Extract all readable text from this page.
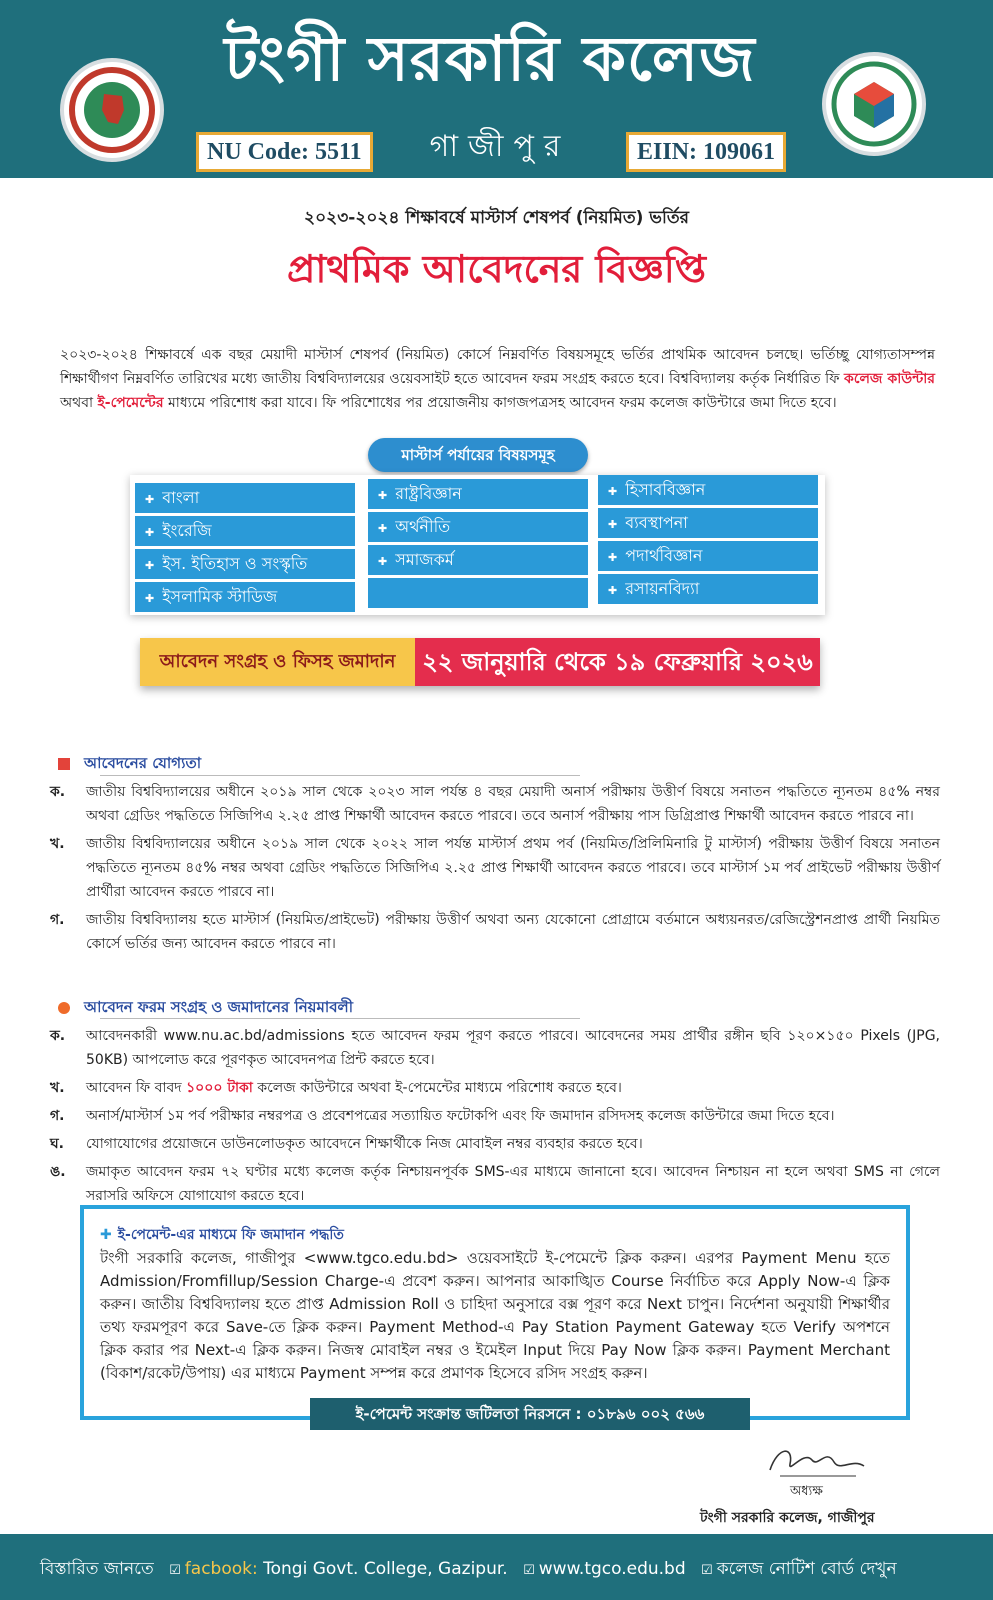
টংগী সরকারি কলেজ
NU Code: 5511	গাজীপুর	EIIN: 109061
২০২৩-২০২৪ শিক্ষাবর্ষে মাস্টার্স শেষপর্ব (নিয়মিত) ভর্তির
প্রাথমিক আবেদনের বিজ্ঞপ্তি
২০২৩-২০২৪ শিক্ষাবর্ষে এক বছর মেয়াদী মাস্টার্স শেষপর্ব (নিয়মিত) কোর্সে নিম্নবর্ণিত বিষয়সমূহে ভর্তির প্রাথমিক আবেদন চলছে। ভর্তিচ্ছু যোগ্যতাসম্পন্ন শিক্ষার্থীগণ নিম্নবর্ণিত তারিখের মধ্যে জাতীয় বিশ্ববিদ্যালয়ের ওয়েবসাইট হতে আবেদন ফরম সংগ্রহ করতে হবে। বিশ্ববিদ্যালয় কর্তৃক নির্ধারিত ফি কলেজ কাউন্টার অথবা ই-পেমেন্টের মাধ্যমে পরিশোধ করা যাবে। ফি পরিশোধের পর প্রয়োজনীয় কাগজপত্রসহ আবেদন ফরম কলেজ কাউন্টারে জমা দিতে হবে।
মাস্টার্স পর্যায়ের বিষয়সমূহ
✚ বাংলা
✚ ইংরেজি
✚ ইস. ইতিহাস ও সংস্কৃতি
✚ ইসলামিক স্টাডিজ
✚ রাষ্ট্রবিজ্ঞান
✚ অর্থনীতি
✚ সমাজকর্ম
✚ হিসাববিজ্ঞান
✚ ব্যবস্থাপনা
✚ পদার্থবিজ্ঞান
✚ রসায়নবিদ্যা
আবেদন সংগ্রহ ও ফিসহ জমাদান	২২ জানুয়ারি থেকে ১৯ ফেব্রুয়ারি ২০২৬
আবেদনের যোগ্যতা
ক. জাতীয় বিশ্ববিদ্যালয়ের অধীনে ২০১৯ সাল থেকে ২০২৩ সাল পর্যন্ত ৪ বছর মেয়াদী অনার্স পরীক্ষায় উত্তীর্ণ বিষয়ে সনাতন পদ্ধতিতে ন্যূনতম ৪৫% নম্বর অথবা গ্রেডিং পদ্ধতিতে সিজিপিএ ২.২৫ প্রাপ্ত শিক্ষার্থী আবেদন করতে পারবে। তবে অনার্স পরীক্ষায় পাস ডিগ্রিপ্রাপ্ত শিক্ষার্থী আবেদন করতে পারবে না।
খ. জাতীয় বিশ্ববিদ্যালয়ের অধীনে ২০১৯ সাল থেকে ২০২২ সাল পর্যন্ত মাস্টার্স প্রথম পর্ব (নিয়মিত/প্রিলিমিনারি টু মাস্টার্স) পরীক্ষায় উত্তীর্ণ বিষয়ে সনাতন পদ্ধতিতে ন্যূনতম ৪৫% নম্বর অথবা গ্রেডিং পদ্ধতিতে সিজিপিএ ২.২৫ প্রাপ্ত শিক্ষার্থী আবেদন করতে পারবে। তবে মাস্টার্স ১ম পর্ব প্রাইভেট পরীক্ষায় উত্তীর্ণ প্রার্থীরা আবেদন করতে পারবে না।
গ. জাতীয় বিশ্ববিদ্যালয় হতে মাস্টার্স (নিয়মিত/প্রাইভেট) পরীক্ষায় উত্তীর্ণ অথবা অন্য যেকোনো প্রোগ্রামে বর্তমানে অধ্যয়নরত/রেজিস্ট্রেশনপ্রাপ্ত প্রার্থী নিয়মিত কোর্সে ভর্তির জন্য আবেদন করতে পারবে না।
আবেদন ফরম সংগ্রহ ও জমাদানের নিয়মাবলী
ক. আবেদনকারী www.nu.ac.bd/admissions হতে আবেদন ফরম পূরণ করতে পারবে। আবেদনের সময় প্রার্থীর রঙ্গীন ছবি ১২০×১৫০ Pixels (JPG, 50KB) আপলোড করে পূরণকৃত আবেদনপত্র প্রিন্ট করতে হবে।
খ. আবেদন ফি বাবদ ১০০০ টাকা কলেজ কাউন্টারে অথবা ই-পেমেন্টের মাধ্যমে পরিশোধ করতে হবে।
গ. অনার্স/মাস্টার্স ১ম পর্ব পরীক্ষার নম্বরপত্র ও প্রবেশপত্রের সত্যায়িত ফটোকপি এবং ফি জমাদান রসিদসহ কলেজ কাউন্টারে জমা দিতে হবে।
ঘ. যোগাযোগের প্রয়োজনে ডাউনলোডকৃত আবেদনে শিক্ষার্থীকে নিজ মোবাইল নম্বর ব্যবহার করতে হবে।
ঙ. জমাকৃত আবেদন ফরম ৭২ ঘণ্টার মধ্যে কলেজ কর্তৃক নিশ্চায়নপূর্বক SMS-এর মাধ্যমে জানানো হবে। আবেদন নিশ্চায়ন না হলে অথবা SMS না গেলে সরাসরি অফিসে যোগাযোগ করতে হবে।
✚ ই-পেমেন্ট-এর মাধ্যমে ফি জমাদান পদ্ধতি
টংগী সরকারি কলেজ, গাজীপুর <www.tgco.edu.bd> ওয়েবসাইটে ই-পেমেন্টে ক্লিক করুন। এরপর Payment Menu হতে Admission/Fromfillup/Session Charge-এ প্রবেশ করুন। আপনার আকাঙ্খিত Course নির্বাচিত করে Apply Now-এ ক্লিক করুন। জাতীয় বিশ্ববিদ্যালয় হতে প্রাপ্ত Admission Roll ও চাহিদা অনুসারে বক্স পূরণ করে Next চাপুন। নির্দেশনা অনুযায়ী শিক্ষার্থীর তথ্য ফরমপূরণ করে Save-তে ক্লিক করুন। Payment Method-এ Pay Station Payment Gateway হতে Verify অপশনে ক্লিক করার পর Next-এ ক্লিক করুন। নিজস্ব মোবাইল নম্বর ও ইমেইল Input দিয়ে Pay Now ক্লিক করুন। Payment Merchant (বিকাশ/রকেট/উপায়) এর মাধ্যমে Payment সম্পন্ন করে প্রমাণক হিসেবে রসিদ সংগ্রহ করুন।
ই-পেমেন্ট সংক্রান্ত জটিলতা নিরসনে : ০১৮৯৬ ০০২ ৫৬৬
অধ্যক্ষ
টংগী সরকারি কলেজ, গাজীপুর
বিস্তারিত জানতে ☑ facbook: Tongi Govt. College, Gazipur. ☑ www.tgco.edu.bd ☑ কলেজ নোটিশ বোর্ড দেখুন
